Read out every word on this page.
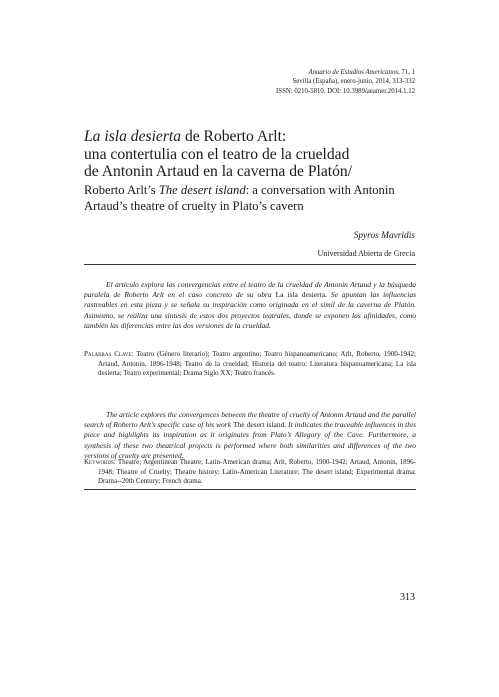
Anuario de Estudios Americanos, 71, 1
Sevilla (España), enero-junio, 2014, 313-332
ISSN: 0210-5810. DOI: 10.3989/aeamer.2014.1.12
La isla desierta de Roberto Arlt:
una contertulia con el teatro de la crueldad
de Antonin Artaud en la caverna de Platón/
Roberto Arlt’s The desert island: a conversation with Antonin Artaud’s theatre of cruelty in Plato’s cavern
Spyros Mavridis
Universidad Abierta de Grecia

El artículo explora las convergencias entre el teatro de la crueldad de Antonin Artaud y la búsqueda paralela de Roberto Arlt en el caso concreto de su obra La isla desierta. Se apuntan las influencias rastreables en esta pieza y se señala su inspiración como originada en el símil de la caverna de Platón. Asimismo, se realiza una síntesis de estos dos proyectos teatrales, donde se exponen las afinidades, como también las diferencias entre las dos versiones de la crueldad.

Palabras Clave: Teatro (Género literario); Teatro argentino; Teatro hispanoamericano; Arlt, Roberto, 1900-1942; Artaud, Antonin, 1896-1948; Teatro de la crueldad; Historia del teatro: Literatura hispanoamericana; La isla desierta; Teatro experimental; Drama Siglo XX; Teatro francés.

The article explores the convergences between the theatre of cruelty of Antonin Artaud and the parallel search of Roberto Arlt’s specific case of his work The desert island. It indicates the traceable influences in this piece and highlights its inspiration as it originates from Plato’s Allegory of the Cave. Furthermore, a synthesis of these two theatrical projects is performed where both similarities and differences of the two versions of cruelty are presented.

Keywords: Theatre; Argentinean Theatre; Latin-American drama; Arlt, Roberto, 1900-1942; Artaud, Antonin, 1896-1948; Theatre of Cruelty; Theatre history; Latin-American Literature; The desert island; Experimental drama; Drama--20th Century; French drama.

313
